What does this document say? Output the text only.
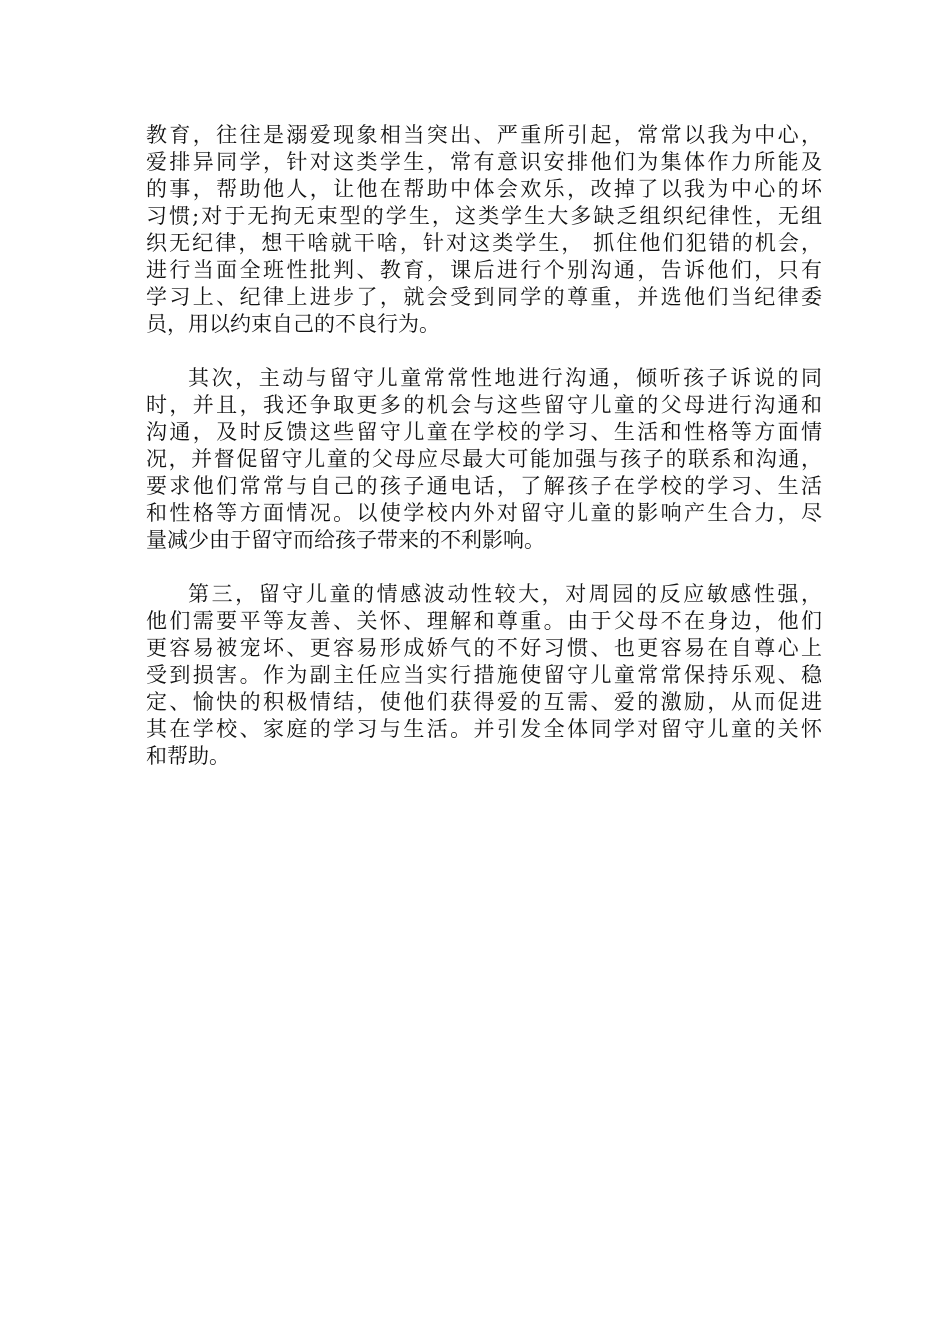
教育，往往是溺爱现象相当突出、严重所引起，常常以我为中心，
爱排异同学，针对这类学生，常有意识安排他们为集体作力所能及
的事，帮助他人，让他在帮助中体会欢乐，改掉了以我为中心的坏
习惯;对于无拘无束型的学生，这类学生大多缺乏组织纪律性，无组
织无纪律，想干啥就干啥，针对这类学生， 抓住他们犯错的机会，
进行当面全班性批判、教育，课后进行个别沟通，告诉他们，只有
学习上、纪律上进步了，就会受到同学的尊重，并选他们当纪律委
员，用以约束自己的不良行为。
其次，主动与留守儿童常常性地进行沟通，倾听孩子诉说的同
时，并且，我还争取更多的机会与这些留守儿童的父母进行沟通和
沟通，及时反馈这些留守儿童在学校的学习、生活和性格等方面情
况，并督促留守儿童的父母应尽最大可能加强与孩子的联系和沟通，
要求他们常常与自己的孩子通电话，了解孩子在学校的学习、生活
和性格等方面情况。以使学校内外对留守儿童的影响产生合力，尽
量减少由于留守而给孩子带来的不利影响。
第三，留守儿童的情感波动性较大，对周园的反应敏感性强，
他们需要平等友善、关怀、理解和尊重。由于父母不在身边，他们
更容易被宠坏、更容易形成娇气的不好习惯、也更容易在自尊心上
受到损害。作为副主任应当实行措施使留守儿童常常保持乐观、稳
定、愉快的积极情结，使他们获得爱的互需、爱的激励，从而促进
其在学校、家庭的学习与生活。并引发全体同学对留守儿童的关怀
和帮助。
